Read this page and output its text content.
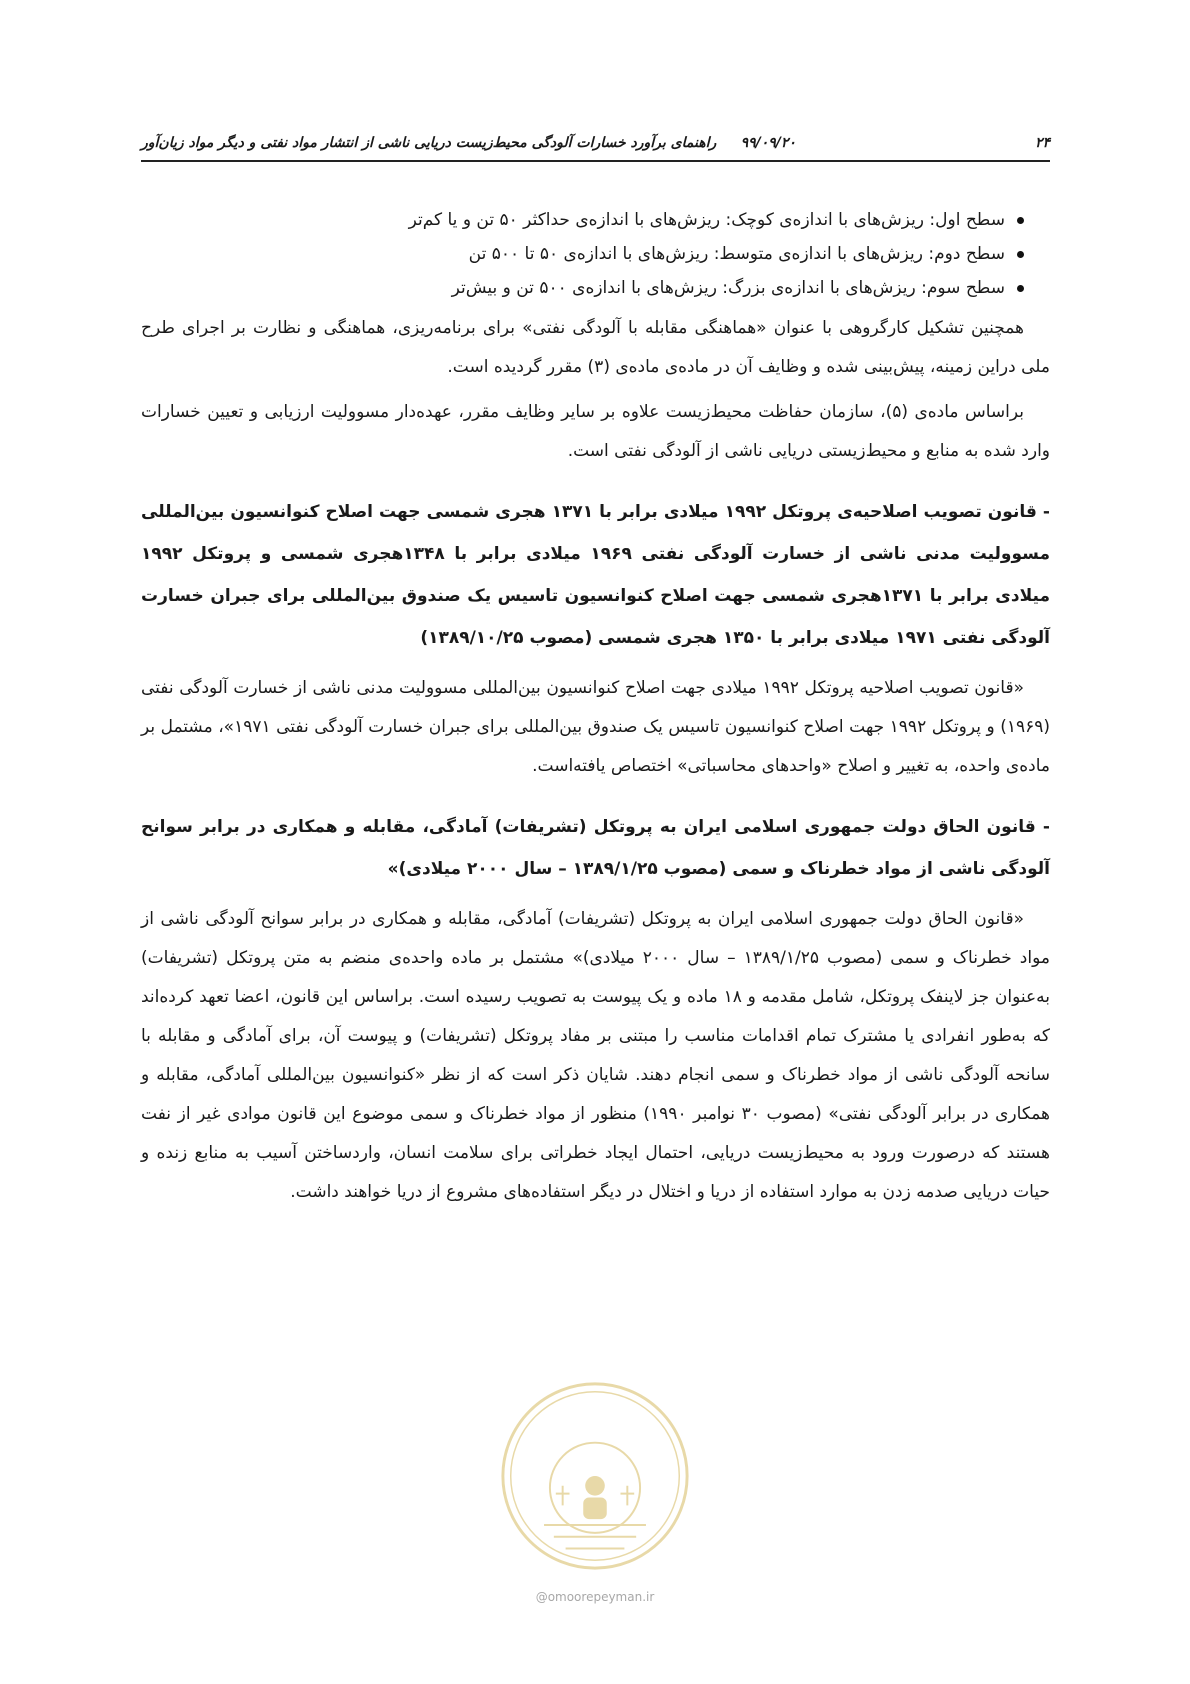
۲۴
۹۹/۰۹/۲۰     راهنمای برآورد خسارات آلودگی محیط‌زیست دریایی ناشی از انتشار مواد نفتی و دیگر مواد زیان‌آور
سطح اول: ریزش‌های با اندازه‌ی کوچک: ریزش‌های با اندازه‌ی حداکثر ۵۰ تن و یا کم‌تر
سطح دوم: ریزش‌های با اندازه‌ی متوسط: ریزش‌های با اندازه‌ی ۵۰ تا ۵۰۰ تن
سطح سوم: ریزش‌های با اندازه‌ی بزرگ: ریزش‌های با اندازه‌ی ۵۰۰ تن و بیش‌تر

همچنین تشکیل کارگروهی با عنوان «هماهنگی مقابله با آلودگی نفتی» برای برنامه‌ریزی، هماهنگی و نظارت بر اجرای طرح ملی دراین زمینه، پیش‌بینی شده و وظایف آن در ماده‌ی ماده‌ی (۳) مقرر گردیده است.

براساس ماده‌ی (۵)، سازمان حفاظت محیط‌زیست علاوه بر سایر وظایف مقرر، عهده‌دار مسوولیت ارزیابی و تعیین خسارات وارد شده به منابع و محیط‌زیستی دریایی ناشی از آلودگی نفتی است.

- قانون تصویب اصلاحیه‌ی پروتکل ۱۹۹۲ میلادی برابر با ۱۳۷۱ هجری شمسی جهت اصلاح کنوانسیون بین‌المللی مسوولیت مدنی ناشی از خسارت آلودگی نفتی ۱۹۶۹ میلادی برابر با ۱۳۴۸هجری شمسی و پروتکل ۱۹۹۲ میلادی برابر با ۱۳۷۱هجری شمسی جهت اصلاح کنوانسیون تاسیس یک صندوق بین‌المللی برای جبران خسارت آلودگی نفتی ۱۹۷۱ میلادی برابر با ۱۳۵۰ هجری شمسی (مصوب ۱۳۸۹/۱۰/۲۵)

«قانون تصویب اصلاحیه پروتکل ۱۹۹۲ میلادی جهت اصلاح کنوانسیون بین‌المللی مسوولیت مدنی ناشی از خسارت آلودگی نفتی (۱۹۶۹) و پروتکل ۱۹۹۲ جهت اصلاح کنوانسیون تاسیس یک صندوق بین‌المللی برای جبران خسارت آلودگی نفتی ۱۹۷۱»، مشتمل بر ماده‌ی واحده، به تغییر و اصلاح «واحدهای محاسباتی» اختصاص یافته‌است.

- قانون الحاق دولت جمهوری اسلامی ایران به پروتکل (تشریفات) آمادگی، مقابله و همکاری در برابر سوانح آلودگی ناشی از مواد خطرناک و سمی (مصوب ۱۳۸۹/۱/۲۵ – سال ۲۰۰۰ میلادی)»

«قانون الحاق دولت جمهوری اسلامی ایران به پروتکل (تشریفات) آمادگی، مقابله و همکاری در برابر سوانح آلودگی ناشی از مواد خطرناک و سمی (مصوب ۱۳۸۹/۱/۲۵ – سال ۲۰۰۰ میلادی)» مشتمل بر ماده واحده‌ی منضم به متن پروتکل (تشریفات) به‌عنوان جز لاینفک پروتکل، شامل مقدمه و ۱۸ ماده و یک پیوست به تصویب رسیده است. براساس این قانون، اعضا تعهد کرده‌اند که به‌طور انفرادی یا مشترک تمام اقدامات مناسب را مبتنی بر مفاد پروتکل (تشریفات) و پیوست آن، برای آمادگی و مقابله با سانحه آلودگی ناشی از مواد خطرناک و سمی انجام دهند. شایان ذکر است که از نظر «کنوانسیون بین‌المللی آمادگی، مقابله و همکاری در برابر آلودگی نفتی» (مصوب ۳۰ نوامبر ۱۹۹۰) منظور از مواد خطرناک و سمی موضوع این قانون موادی غیر از نفت هستند که درصورت ورود به محیط‌زیست دریایی، احتمال ایجاد خطراتی برای سلامت انسان، واردساختن آسیب به منابع زنده و حیات دریایی صدمه زدن به موارد استفاده از دریا و اختلال در دیگر استفاده‌های مشروع از دریا خواهند داشت.

@omoorepeyman.ir
